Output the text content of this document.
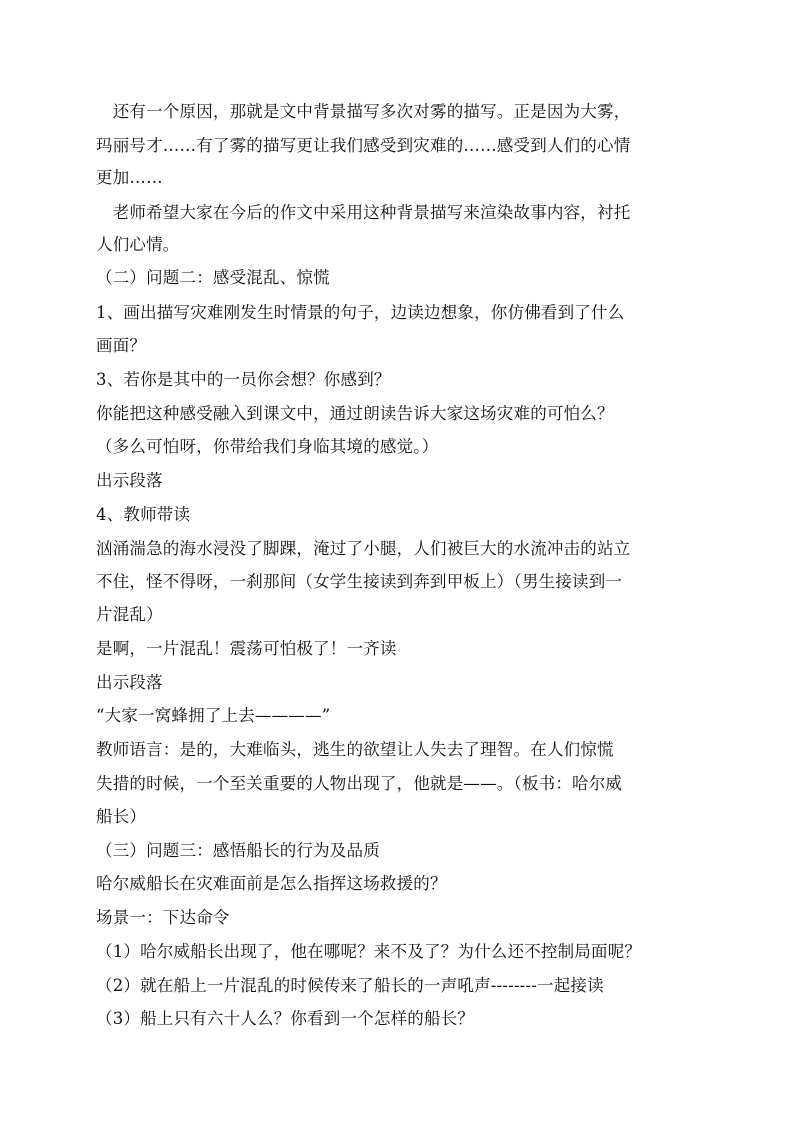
　还有一个原因，那就是文中背景描写多次对雾的描写。正是因为大雾，
玛丽号才……有了雾的描写更让我们感受到灾难的……感受到人们的心情
更加……
　老师希望大家在今后的作文中采用这种背景描写来渲染故事内容，衬托
人们心情。
（二）问题二：感受混乱、惊慌
1、画出描写灾难刚发生时情景的句子，边读边想象，你仿佛看到了什么
画面？
3、若你是其中的一员你会想？你感到？
你能把这种感受融入到课文中，通过朗读告诉大家这场灾难的可怕么？
（多么可怕呀，你带给我们身临其境的感觉。）
出示段落
4、教师带读
汹涌湍急的海水浸没了脚踝，淹过了小腿，人们被巨大的水流冲击的站立
不住，怪不得呀，一刹那间（女学生接读到奔到甲板上）（男生接读到一
片混乱）
是啊，一片混乱！震荡可怕极了！一齐读
出示段落
“大家一窝蜂拥了上去————”
教师语言：是的，大难临头，逃生的欲望让人失去了理智。在人们惊慌
失措的时候，一个至关重要的人物出现了，他就是——。（板书：哈尔威
船长）
（三）问题三：感悟船长的行为及品质
哈尔威船长在灾难面前是怎么指挥这场救援的？
场景一：下达命令
（1）哈尔威船长出现了，他在哪呢？来不及了？为什么还不控制局面呢？
（2）就在船上一片混乱的时候传来了船长的一声吼声--------一起接读
（3）船上只有六十人么？你看到一个怎样的船长？
